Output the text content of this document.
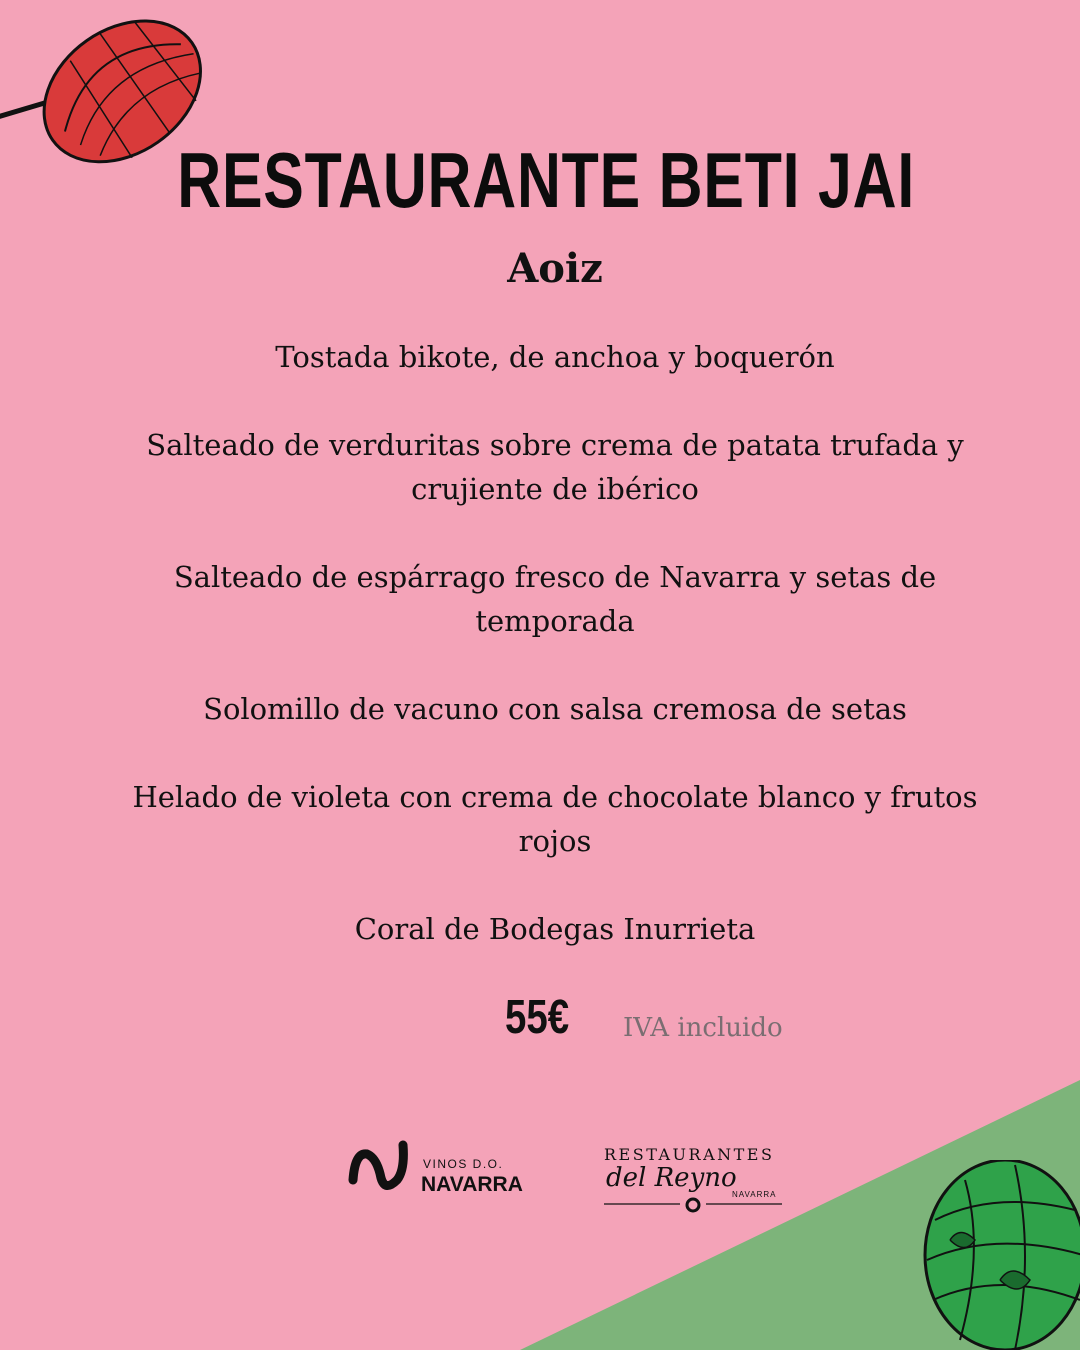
RESTAURANTE BETI JAI
Aoiz
Tostada bikote, de anchoa y boquerón
Salteado de verduritas sobre crema de patata trufada y crujiente de ibérico
Salteado de espárrago fresco de Navarra y setas de temporada
Solomillo de vacuno con salsa cremosa de setas
Helado de violeta con crema de chocolate blanco y frutos rojos
Coral de Bodegas Inurrieta
55€ IVA incluido
VINOS D.O.
NAVARRA
RESTAURANTES
del Reyno
NAVARRA
